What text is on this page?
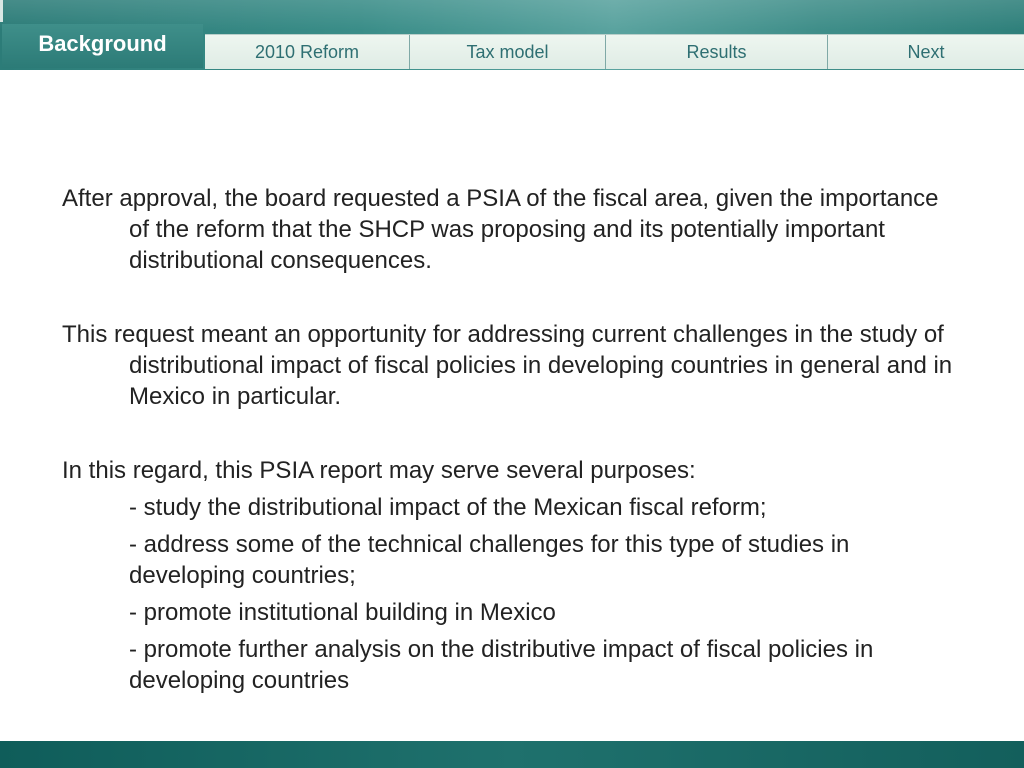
Background	2010 Reform	Tax model	Results	Next

After approval, the board requested a PSIA of the fiscal area, given the importance of the reform that the SHCP was proposing and its potentially important distributional consequences.

This request meant an opportunity for addressing current challenges in the study of distributional impact of fiscal policies in developing countries in general and in Mexico in particular.

In this regard, this PSIA report may serve several purposes:

- study the distributional impact of the Mexican fiscal reform;
- address some of the technical challenges for this type of studies in developing countries;
- promote institutional building in Mexico
- promote further analysis on the distributive impact of fiscal policies in developing countries
